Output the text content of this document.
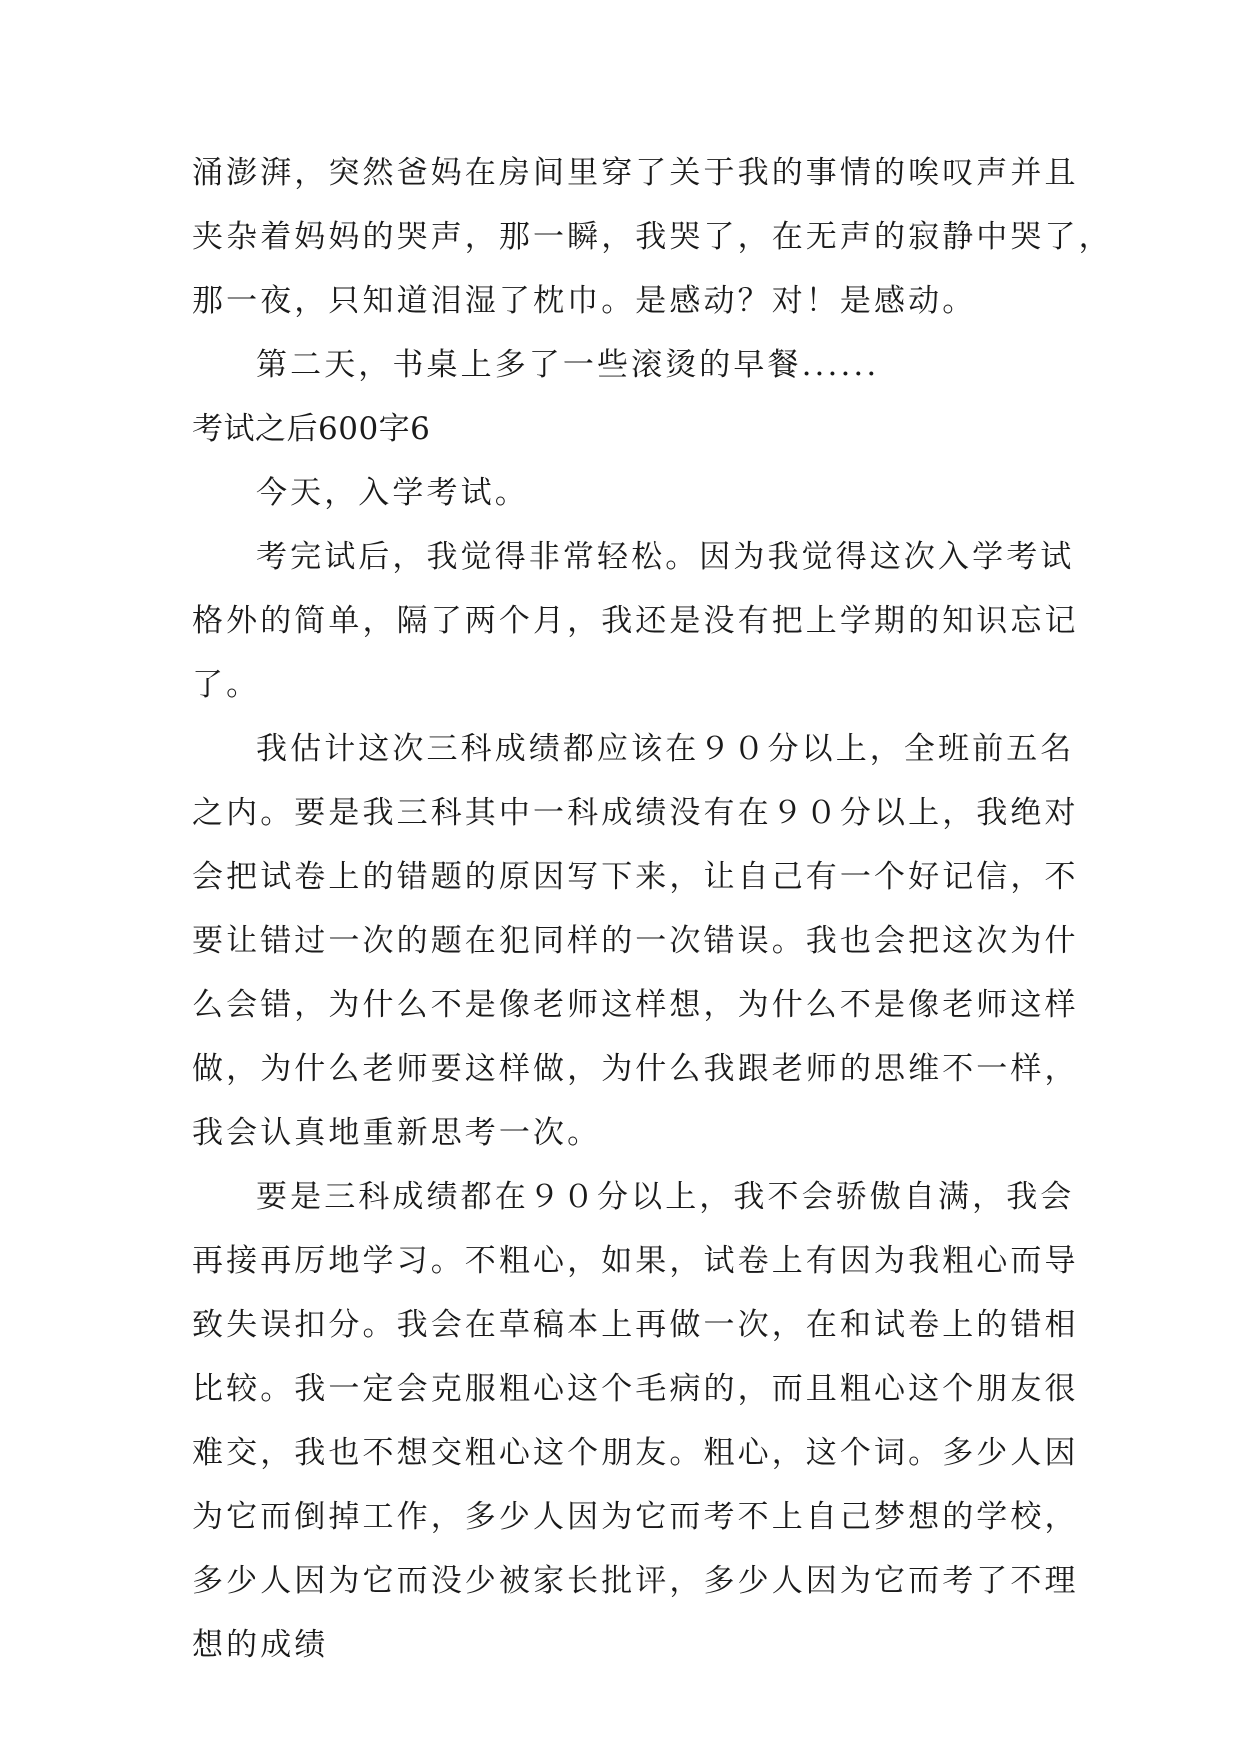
涌澎湃，突然爸妈在房间里穿了关于我的事情的唉叹声并且
夹杂着妈妈的哭声，那一瞬，我哭了，在无声的寂静中哭了，
那一夜，只知道泪湿了枕巾。是感动？对！是感动。
第二天，书桌上多了一些滚烫的早餐......
考试之后600字6
今天，入学考试。
考完试后，我觉得非常轻松。因为我觉得这次入学考试
格外的简单，隔了两个月，我还是没有把上学期的知识忘记
了。
我估计这次三科成绩都应该在９０分以上，全班前五名
之内。要是我三科其中一科成绩没有在９０分以上，我绝对
会把试卷上的错题的原因写下来，让自己有一个好记信，不
要让错过一次的题在犯同样的一次错误。我也会把这次为什
么会错，为什么不是像老师这样想，为什么不是像老师这样
做，为什么老师要这样做，为什么我跟老师的思维不一样，
我会认真地重新思考一次。
要是三科成绩都在９０分以上，我不会骄傲自满，我会
再接再厉地学习。不粗心，如果，试卷上有因为我粗心而导
致失误扣分。我会在草稿本上再做一次，在和试卷上的错相
比较。我一定会克服粗心这个毛病的，而且粗心这个朋友很
难交，我也不想交粗心这个朋友。粗心，这个词。多少人因
为它而倒掉工作，多少人因为它而考不上自己梦想的学校，
多少人因为它而没少被家长批评，多少人因为它而考了不理
想的成绩
